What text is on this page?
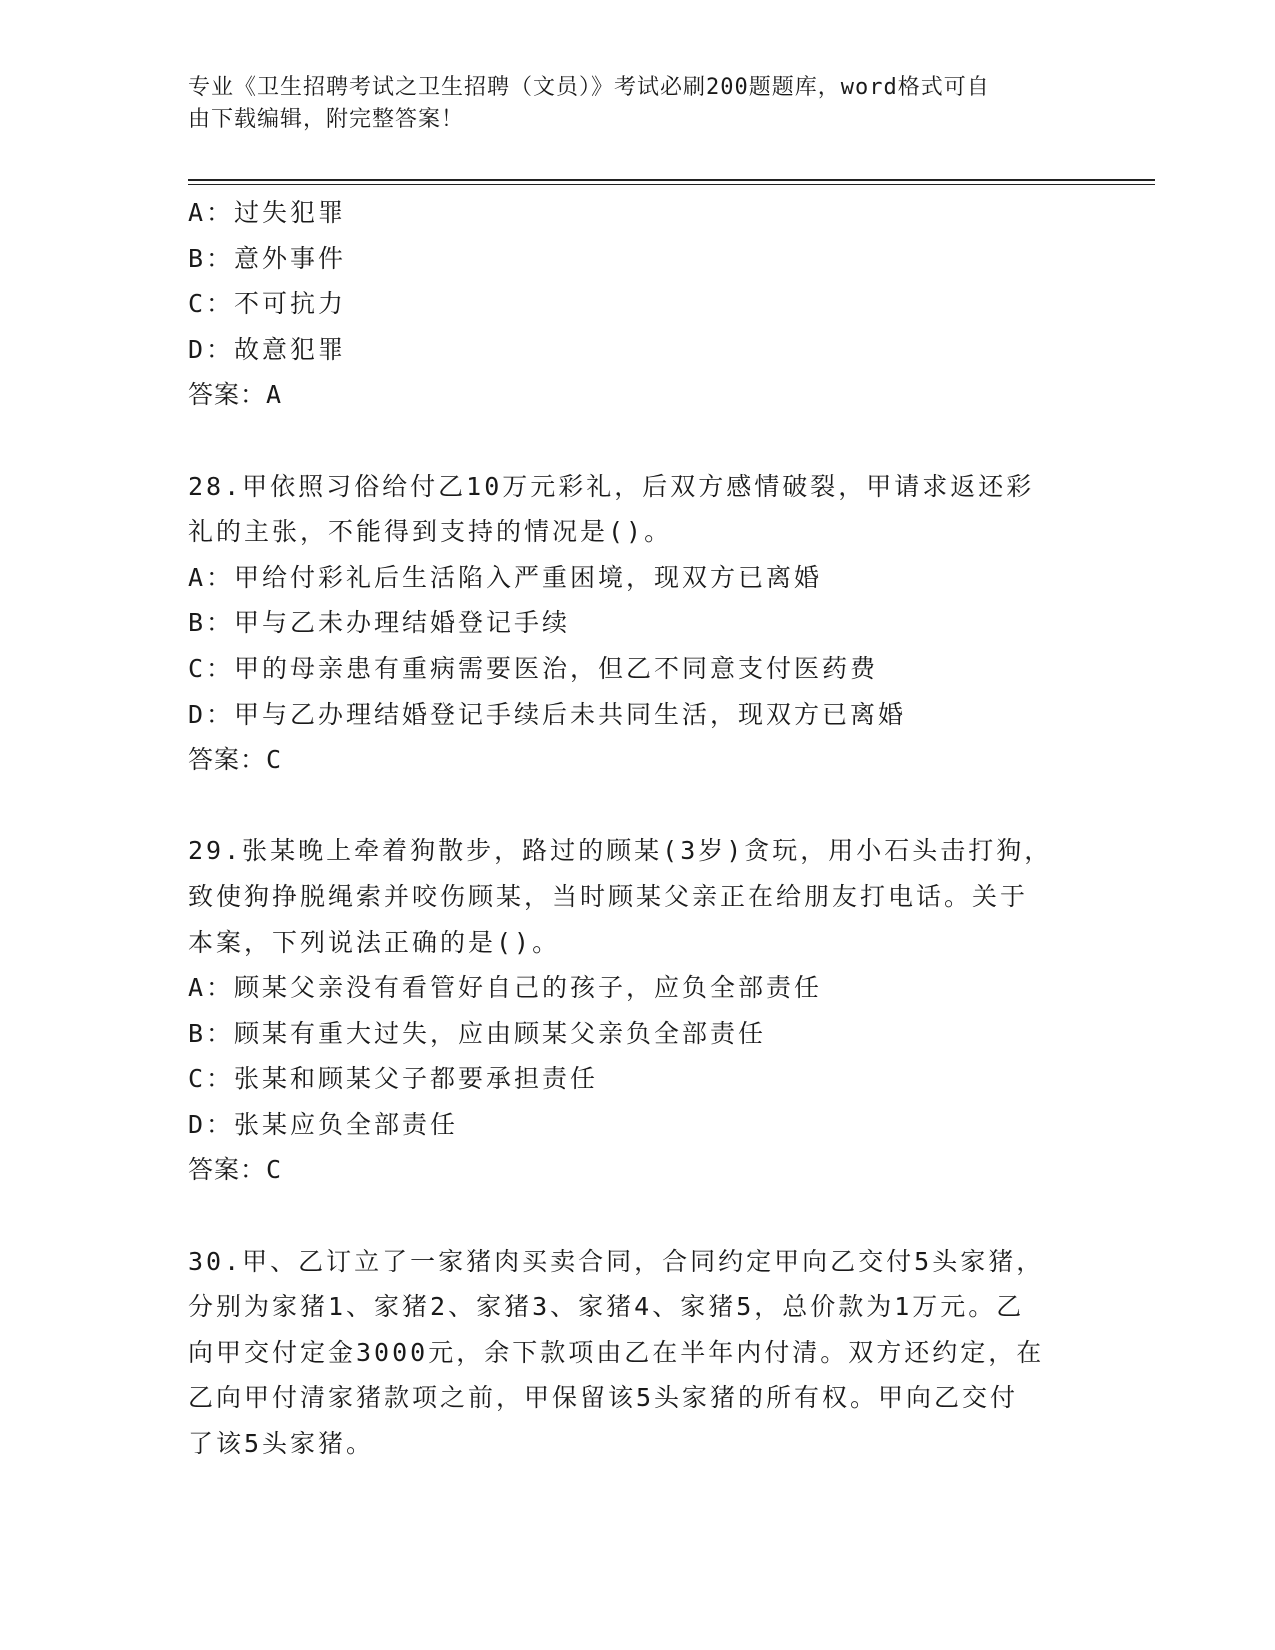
专业《卫生招聘考试之卫生招聘（文员）》考试必刷200题题库，word格式可自
由下载编辑，附完整答案！
A：过失犯罪
B：意外事件
C：不可抗力
D：故意犯罪
答案：A
28.甲依照习俗给付乙10万元彩礼，后双方感情破裂，甲请求返还彩
礼的主张，不能得到支持的情况是()。
A：甲给付彩礼后生活陷入严重困境，现双方已离婚
B：甲与乙未办理结婚登记手续
C：甲的母亲患有重病需要医治，但乙不同意支付医药费
D：甲与乙办理结婚登记手续后未共同生活，现双方已离婚
答案：C
29.张某晚上牵着狗散步，路过的顾某(3岁)贪玩，用小石头击打狗，
致使狗挣脱绳索并咬伤顾某，当时顾某父亲正在给朋友打电话。关于
本案，下列说法正确的是()。
A：顾某父亲没有看管好自己的孩子，应负全部责任
B：顾某有重大过失，应由顾某父亲负全部责任
C：张某和顾某父子都要承担责任
D：张某应负全部责任
答案：C
30.甲、乙订立了一家猪肉买卖合同，合同约定甲向乙交付5头家猪，
分别为家猪1、家猪2、家猪3、家猪4、家猪5，总价款为1万元。乙
向甲交付定金3000元，余下款项由乙在半年内付清。双方还约定，在
乙向甲付清家猪款项之前，甲保留该5头家猪的所有权。甲向乙交付
了该5头家猪。
